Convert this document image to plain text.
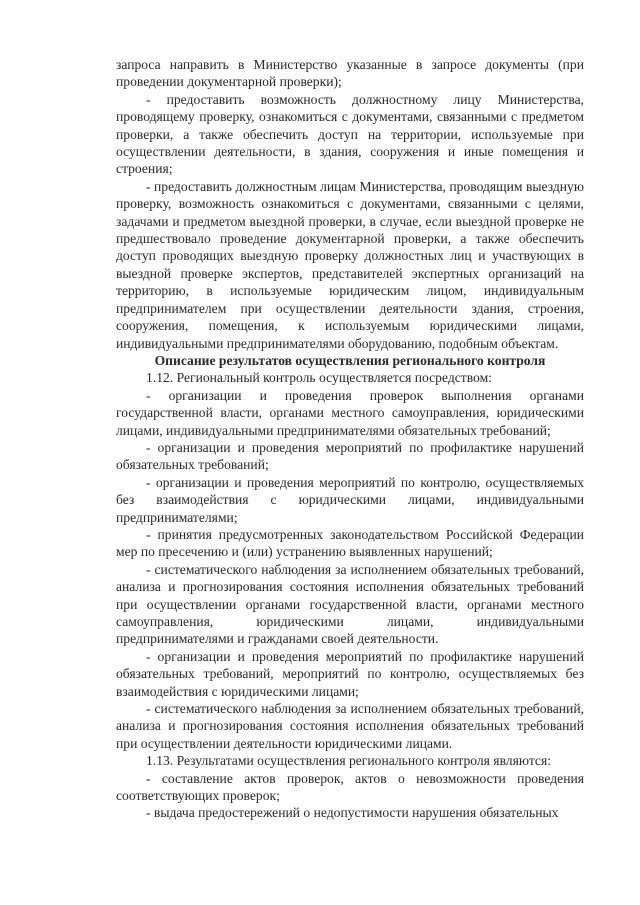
запроса направить в Министерство указанные в запросе документы (при проведении документарной проверки);

- предоставить возможность должностному лицу Министерства, проводящему проверку, ознакомиться с документами, связанными с предметом проверки, а также обеспечить доступ на территории, используемые при осуществлении деятельности, в здания, сооружения и иные помещения и строения;

- предоставить должностным лицам Министерства, проводящим выездную проверку, возможность ознакомиться с документами, связанными с целями, задачами и предметом выездной проверки, в случае, если выездной проверке не предшествовало проведение документарной проверки, а также обеспечить доступ проводящих выездную проверку должностных лиц и участвующих в выездной проверке экспертов, представителей экспертных организаций на территорию, в используемые юридическим лицом, индивидуальным предпринимателем при осуществлении деятельности здания, строения, сооружения, помещения, к используемым юридическими лицами, индивидуальными предпринимателями оборудованию, подобным объектам.

Описание результатов осуществления регионального контроля

1.12. Региональный контроль осуществляется посредством:

- организации и проведения проверок выполнения органами государственной власти, органами местного самоуправления, юридическими лицами, индивидуальными предпринимателями обязательных требований;

- организации и проведения мероприятий по профилактике нарушений обязательных требований;

- организации и проведения мероприятий по контролю, осуществляемых без взаимодействия с юридическими лицами, индивидуальными предпринимателями;

- принятия предусмотренных законодательством Российской Федерации мер по пресечению и (или) устранению выявленных нарушений;

- систематического наблюдения за исполнением обязательных требований, анализа и прогнозирования состояния исполнения обязательных требований при осуществлении органами государственной власти, органами местного самоуправления, юридическими лицами, индивидуальными предпринимателями и гражданами своей деятельности.

- организации и проведения мероприятий по профилактике нарушений обязательных требований, мероприятий по контролю, осуществляемых без взаимодействия с юридическими лицами;

- систематического наблюдения за исполнением обязательных требований, анализа и прогнозирования состояния исполнения обязательных требований при осуществлении деятельности юридическими лицами.

1.13. Результатами осуществления регионального контроля являются:

- составление актов проверок, актов о невозможности проведения соответствующих проверок;

- выдача предостережений о недопустимости нарушения обязательных
